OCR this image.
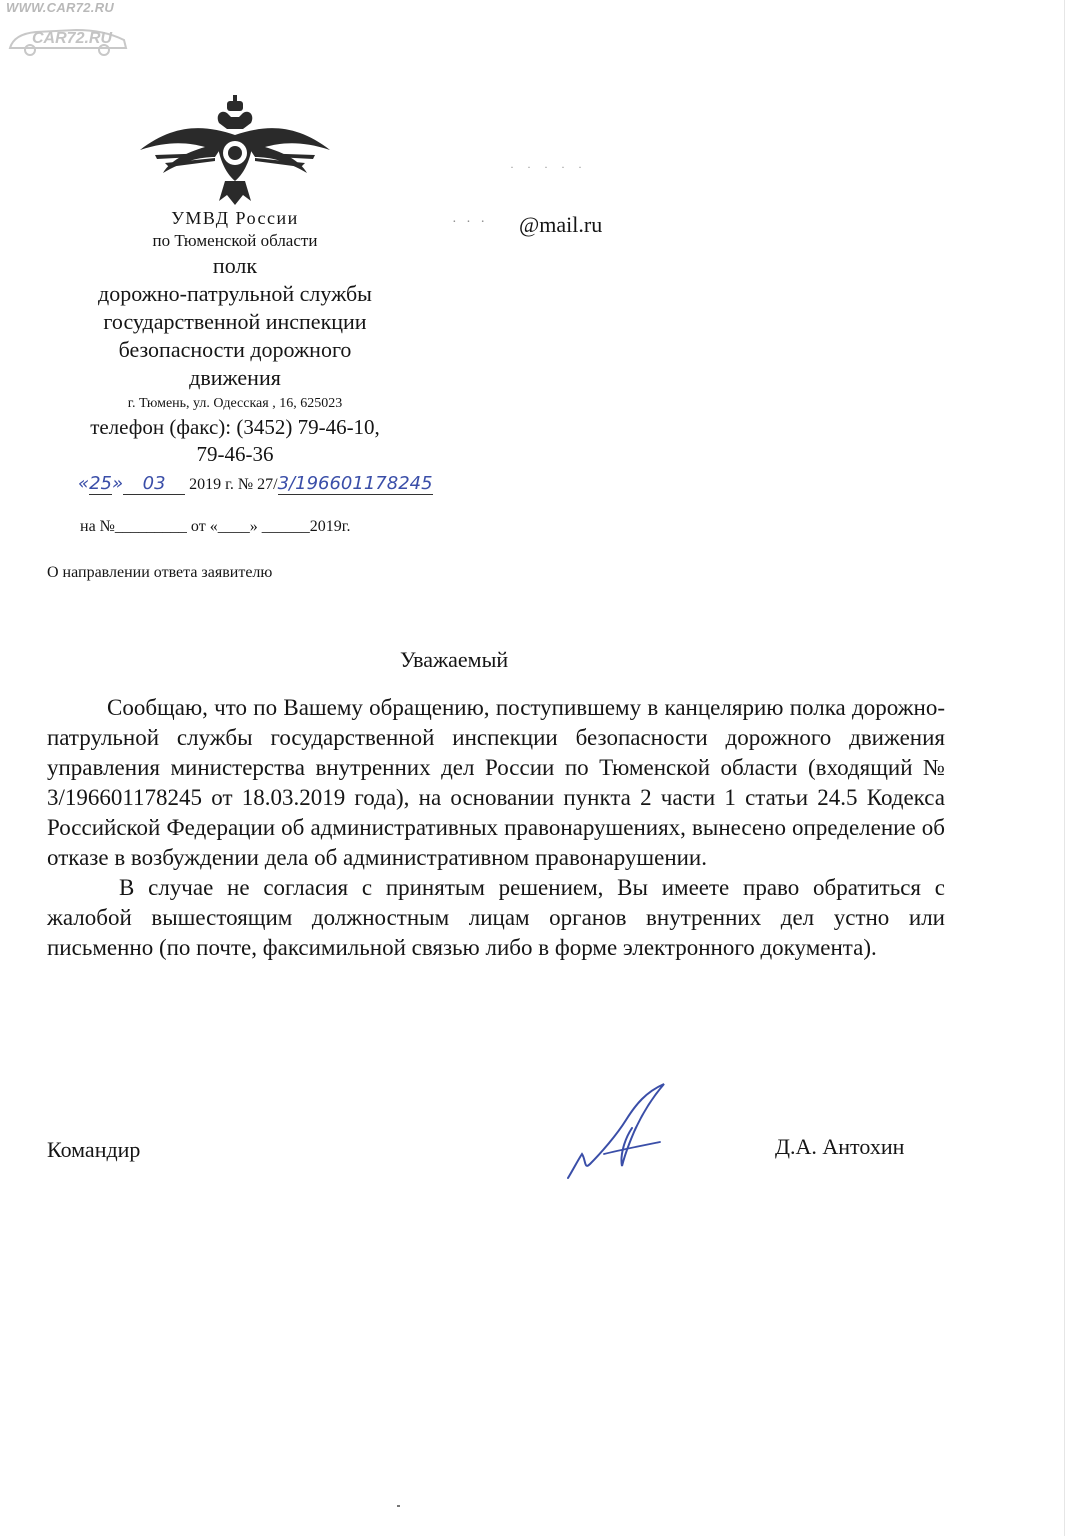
WWW.CAR72.RU
CAR72.RU
УМВД России
по Тюменской области
полк
дорожно-патрульной службы
государственной инспекции
безопасности дорожного
движения
г. Тюмень, ул. Одесская , 16, 625023
телефон (факс): (3452) 79-46-10,
79-46-36
«25» 03 2019 г. № 27/3/196601178245
на №_________ от «____» ______2019г.
О направлении ответа заявителю
· · · · ·
· · · @mail.ru
Уважаемый

Сообщаю, что по Вашему обращению, поступившему в канцелярию полка дорожно-патрульной службы государственной инспекции безопасности дорожного движения управления министерства внутренних дел России по Тюменской области (входящий № 3/196601178245 от 18.03.2019 года), на основании пункта 2 части 1 статьи 24.5 Кодекса Российской Федерации об административных правонарушениях, вынесено определение об отказе в возбуждении дела об административном правонарушении.

В случае не согласия с принятым решением, Вы имеете право обратиться с жалобой вышестоящим должностным лицам органов внутренних дел устно или письменно (по почте, факсимильной связью либо в форме электронного документа).

Командир	Д.А. Антохин
